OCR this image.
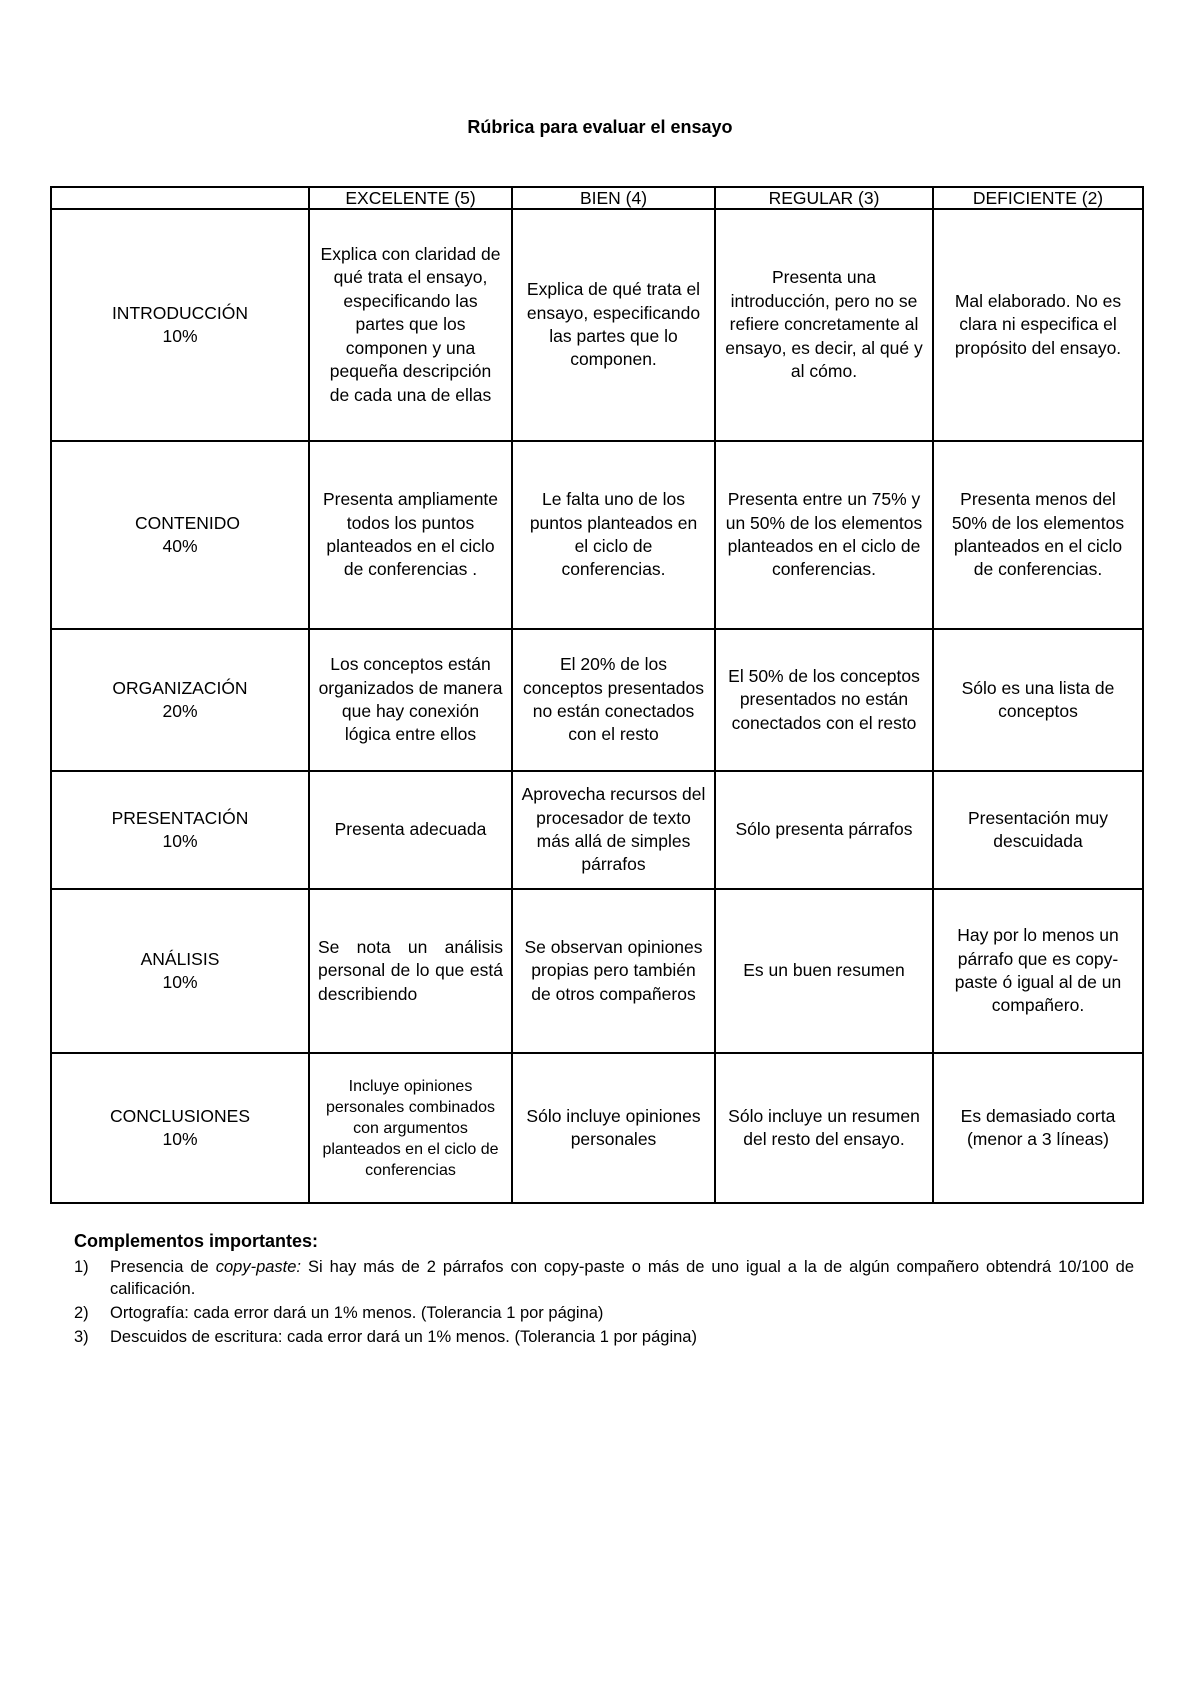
Rúbrica para evaluar el ensayo
	EXCELENTE (5)	BIEN (4)	REGULAR (3)	DEFICIENTE (2)
INTRODUCCIÓN 10%	Explica con claridad de qué trata el ensayo, especificando las partes que los componen y una pequeña descripción de cada una de ellas	Explica de qué trata el ensayo, especificando las partes que lo componen.	Presenta una introducción, pero no se refiere concretamente al ensayo, es decir, al qué y al cómo.	Mal elaborado. No es clara ni especifica el propósito del ensayo.
CONTENIDO 40%	Presenta ampliamente todos los puntos planteados en el ciclo de conferencias .	Le falta uno de los puntos planteados en el ciclo de conferencias.	Presenta entre un 75% y un 50% de los elementos planteados en el ciclo de conferencias.	Presenta menos del 50% de los elementos planteados en el ciclo de conferencias.
ORGANIZACIÓN 20%	Los conceptos están organizados de manera que hay conexión lógica entre ellos	El 20% de los conceptos presentados no están conectados con el resto	El 50% de los conceptos presentados no están conectados con el resto	Sólo es una lista de conceptos
PRESENTACIÓN 10%	Presenta adecuada	Aprovecha recursos del procesador de texto más allá de simples párrafos	Sólo presenta párrafos	Presentación muy descuidada
ANÁLISIS 10%	Se nota un análisis personal de lo que está describiendo	Se observan opiniones propias pero también de otros compañeros	Es un buen resumen	Hay por lo menos un párrafo que es copy-paste ó igual al de un compañero.
CONCLUSIONES 10%	Incluye opiniones personales combinados con argumentos planteados en el ciclo de conferencias	Sólo incluye opiniones personales	Sólo incluye un resumen del resto del ensayo.	Es demasiado corta (menor a 3 líneas)
Complementos importantes:
1)	Presencia de copy-paste: Si hay más de 2 párrafos con copy-paste o más de uno igual a la de algún compañero obtendrá 10/100 de calificación.
2)	Ortografía: cada error dará un 1% menos. (Tolerancia 1 por página)
3)	Descuidos de escritura: cada error dará un 1% menos. (Tolerancia 1 por página)
